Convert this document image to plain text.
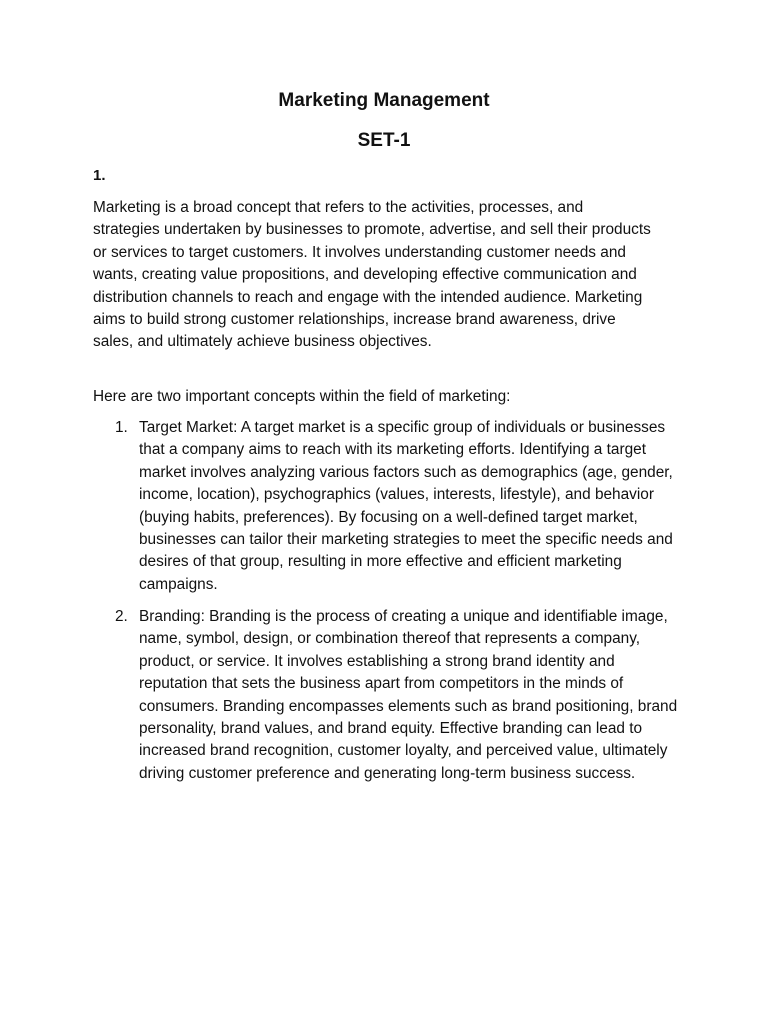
Marketing Management
SET-1

1.

Marketing is a broad concept that refers to the activities, processes, and strategies undertaken by businesses to promote, advertise, and sell their products or services to target customers. It involves understanding customer needs and wants, creating value propositions, and developing effective communication and distribution channels to reach and engage with the intended audience. Marketing aims to build strong customer relationships, increase brand awareness, drive sales, and ultimately achieve business objectives.

Here are two important concepts within the field of marketing:

1. Target Market: A target market is a specific group of individuals or businesses that a company aims to reach with its marketing efforts. Identifying a target market involves analyzing various factors such as demographics (age, gender, income, location), psychographics (values, interests, lifestyle), and behavior (buying habits, preferences). By focusing on a well-defined target market, businesses can tailor their marketing strategies to meet the specific needs and desires of that group, resulting in more effective and efficient marketing campaigns.
2. Branding: Branding is the process of creating a unique and identifiable image, name, symbol, design, or combination thereof that represents a company, product, or service. It involves establishing a strong brand identity and reputation that sets the business apart from competitors in the minds of consumers. Branding encompasses elements such as brand positioning, brand personality, brand values, and brand equity. Effective branding can lead to increased brand recognition, customer loyalty, and perceived value, ultimately driving customer preference and generating long-term business success.
